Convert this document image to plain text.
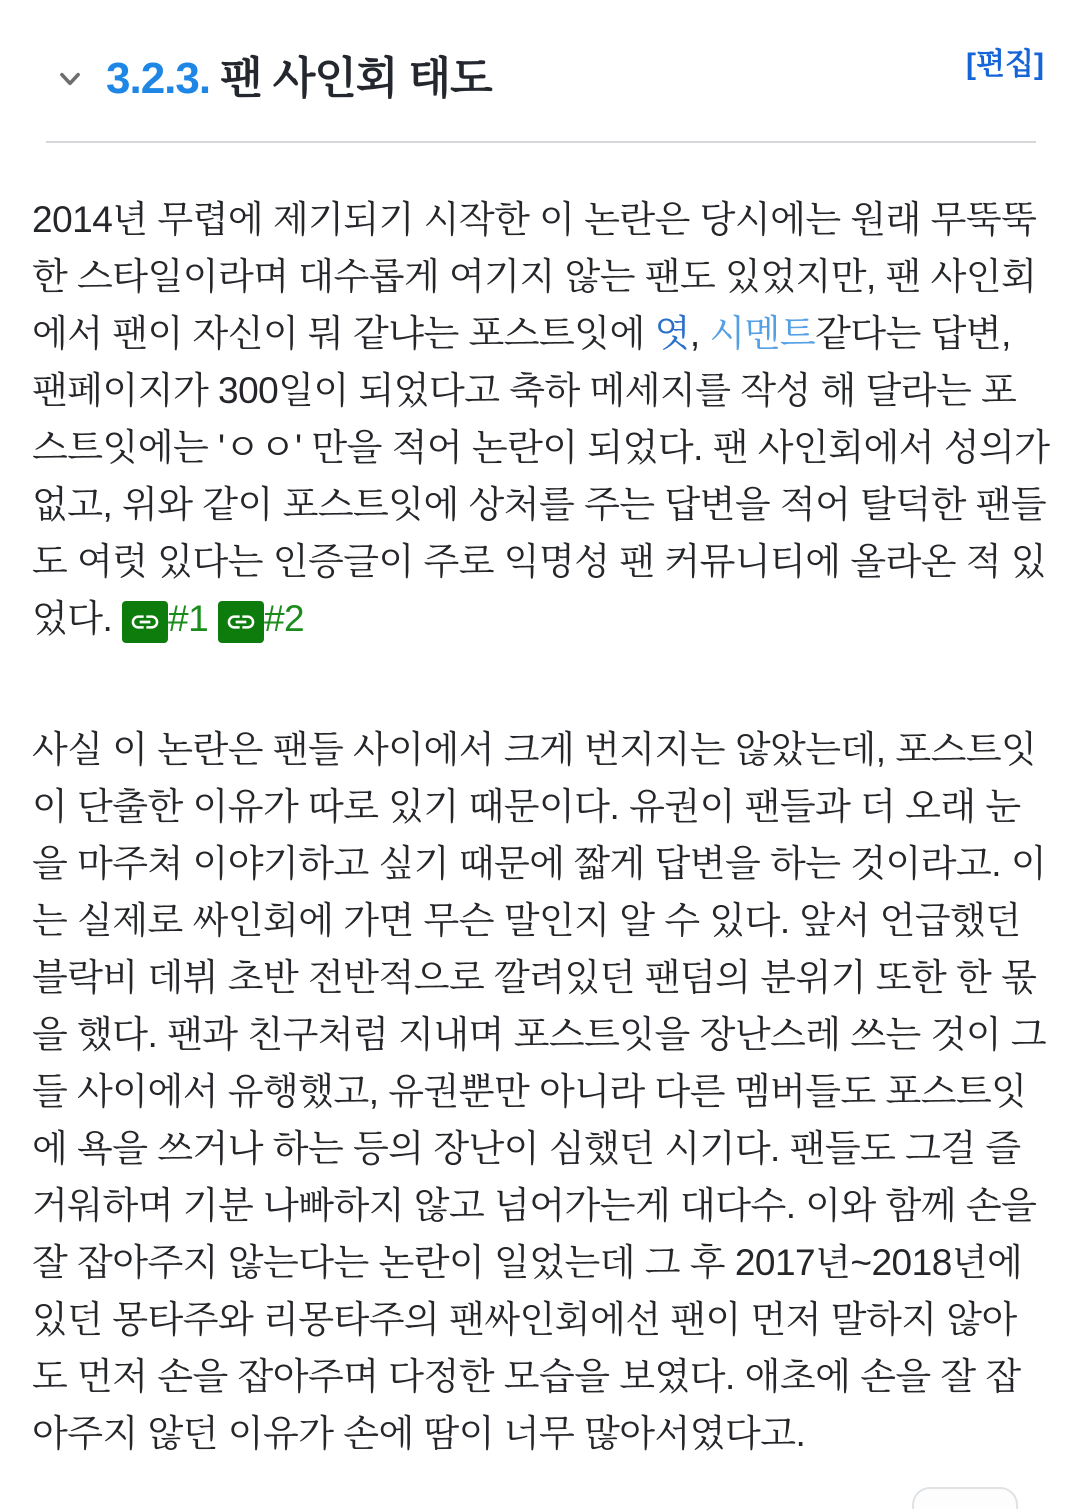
3.2.3. 팬 사인회 태도	[편집]

2014년 무렵에 제기되기 시작한 이 논란은 당시에는 원래 무뚝뚝한 스타일이라며 대수롭게 여기지 않는 팬도 있었지만, 팬 사인회에서 팬이 자신이 뭐 같냐는 포스트잇에 엿, 시멘트같다는 답변, 팬페이지가 300일이 되었다고 축하 메세지를 작성 해 달라는 포스트잇에는 'ㅇㅇ' 만을 적어 논란이 되었다. 팬 사인회에서 성의가 없고, 위와 같이 포스트잇에 상처를 주는 답변을 적어 탈덕한 팬들도 여럿 있다는 인증글이 주로 익명성 팬 커뮤니티에 올라온 적 있었다.
#1 #2

사실 이 논란은 팬들 사이에서 크게 번지지는 않았는데, 포스트잇이 단출한 이유가 따로 있기 때문이다. 유권이 팬들과 더 오래 눈을 마주쳐 이야기하고 싶기 때문에 짧게 답변을 하는 것이라고. 이는 실제로 싸인회에 가면 무슨 말인지 알 수 있다. 앞서 언급했던 블락비 데뷔 초반 전반적으로 깔려있던 팬덤의 분위기 또한 한 몫을 했다. 팬과 친구처럼 지내며 포스트잇을 장난스레 쓰는 것이 그들 사이에서 유행했고, 유권뿐만 아니라 다른 멤버들도 포스트잇에 욕을 쓰거나 하는 등의 장난이 심했던 시기다. 팬들도 그걸 즐거워하며 기분 나빠하지 않고 넘어가는게 대다수. 이와 함께 손을 잘 잡아주지 않는다는 논란이 일었는데 그 후 2017년~2018년에 있던 몽타주와 리몽타주의 팬싸인회에선 팬이 먼저 말하지 않아도 먼저 손을 잡아주며 다정한 모습을 보였다. 애초에 손을 잘 잡아주지 않던 이유가 손에 땀이 너무 많아서였다고.
